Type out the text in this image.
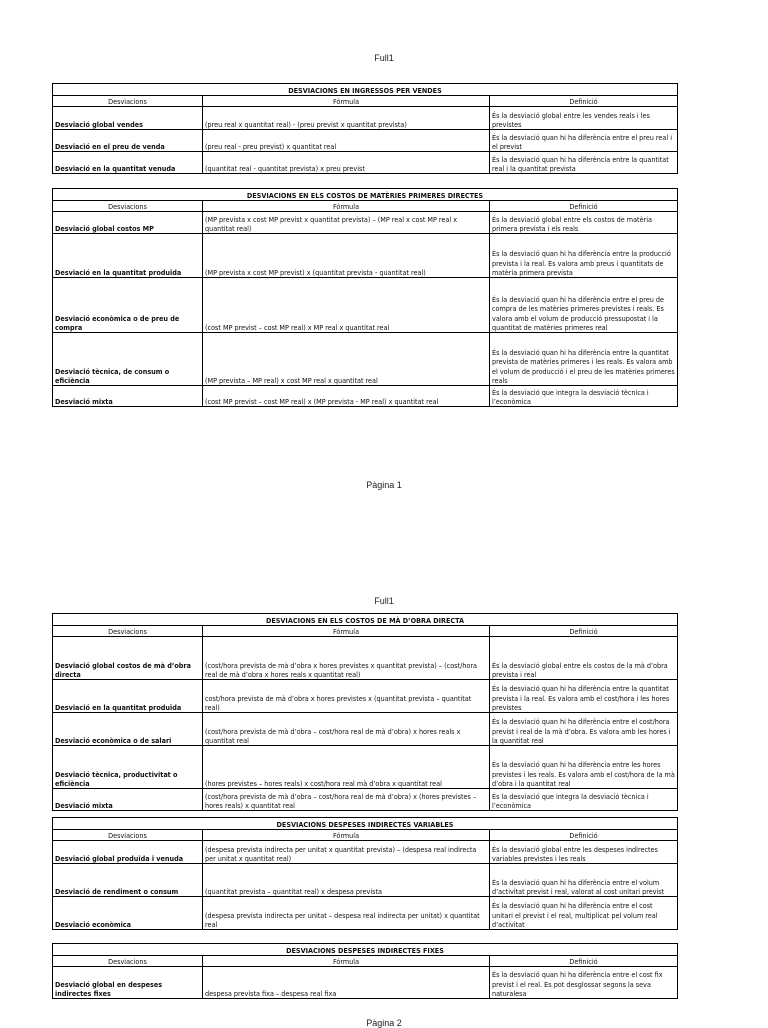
Full1
DESVIACIONS EN INGRESSOS PER VENDES		
Desviacions	Fórmula	Definició
Desviació global vendes	(preu real x quantitat real) - (preu previst x quantitat prevista)	És la desviació global entre les vendes reals i les previstes
Desviació en el preu de venda	(preu real - preu previst) x quantitat real	És la desviació quan hi ha diferència entre el preu real i el previst
Desviació en la quantitat venuda	(quantitat real - quantitat prevista) x preu previst	És la desviació quan hi ha diferència entre la quantitat real i la quantitat prevista
DESVIACIONS EN ELS COSTOS DE MATÈRIES PRIMERES DIRECTES		
Desviacions	Fórmula	Definició
Desviació global costos MP	(MP prevista x cost MP previst x quantitat prevista) – (MP real x cost MP real x quantitat real)	És la desviació global entre els costos de matèria primera prevista i els reals
Desviació en la quantitat produïda	(MP prevista x cost MP previst) x (quantitat prevista - quantitat real)	És la desviació quan hi ha diferència entre la producció prevista i la real. Es valora amb preus i quantitats de matèria primera prevista
Desviació econòmica o de preu de compra	(cost MP previst – cost MP real) x MP real x quantitat real	És la desviació quan hi ha diferència entre el preu de compra de les matèries primeres previstes i reals. Es valora amb el volum de producció pressupostat i la quantitat de matèries primeres real
Desviació tècnica, de consum o eficiència	(MP prevista – MP real) x cost MP real x quantitat real	És la desviació quan hi ha diferència entre la quantitat prevista de matèries primeres i les reals. Es valora amb el volum de producció i el preu de les matèries primeres reals
Desviació mixta	(cost MP previst – cost MP real) x (MP prevista - MP real) x quantitat real	És la desviació que integra la desviació tècnica i l’econòmica
Pàgina 1
Full1
DESVIACIONS EN ELS COSTOS DE MÀ D’OBRA DIRECTA		
Desviacions	Fórmula	Definició
Desviació global costos de mà d’obra directa	(cost/hora prevista de mà d’obra x hores previstes x quantitat prevista) – (cost/hora real de mà d’obra x hores reals x quantitat real)	És la desviació global entre els costos de la mà d’obra prevista i real
Desviació en la quantitat produïda	cost/hora prevista de mà d’obra x hores previstes x (quantitat prevista – quantitat real)	És la desviació quan hi ha diferència entre la quantitat prevista i la real. Es valora amb el cost/hora i les hores previstes
Desviació econòmica o de salari	(cost/hora prevista de mà d’obra – cost/hora real de mà d’obra) x hores reals x quantitat real	És la desviació quan hi ha diferència entre el cost/hora previst i real de la mà d’obra. Es valora amb les hores i la quantitat real
Desviació tècnica, productivitat o eficiència	(hores previstes – hores reals) x cost/hora real mà d’obra x quantitat real	És la desviació quan hi ha diferència entre les hores previstes i les reals. Es valora amb el cost/hora de la mà d’obra i la quantitat real
Desviació mixta	(cost/hora prevista de mà d’obra – cost/hora real de mà d’obra) x (hores previstes – hores reals) x quantitat real	És la desviació que integra la desviació tècnica i l’econòmica
DESVIACIONS DESPESES INDIRECTES VARIABLES		
Desviacions	Fórmula	Definició
Desviació global produïda i venuda	(despesa prevista indirecta per unitat x quantitat prevista) – (despesa real indirecta per unitat x quantitat real)	És la desviació global entre les despeses indirectes variables previstes i les reals
Desviació de rendiment o consum	(quantitat prevista – quantitat real) x despesa prevista	És la desviació quan hi ha diferència entre el volum d’activitat previst i real, valorat al cost unitari previst
Desviació econòmica	(despesa prevista indirecta per unitat – despesa real indirecta per unitat) x quantitat real	És la desviació quan hi ha diferència entre el cost unitari el previst i el real, multiplicat pel volum real d’activitat
DESVIACIONS DESPESES INDIRECTES FIXES		
Desviacions	Fórmula	Definició
Desviació global en despeses indirectes fixes	despesa prevista fixa – despesa real fixa	És la desviació quan hi ha diferència entre el cost fix previst i el real. Es pot desglossar segons la seva naturalesa
Pàgina 2
